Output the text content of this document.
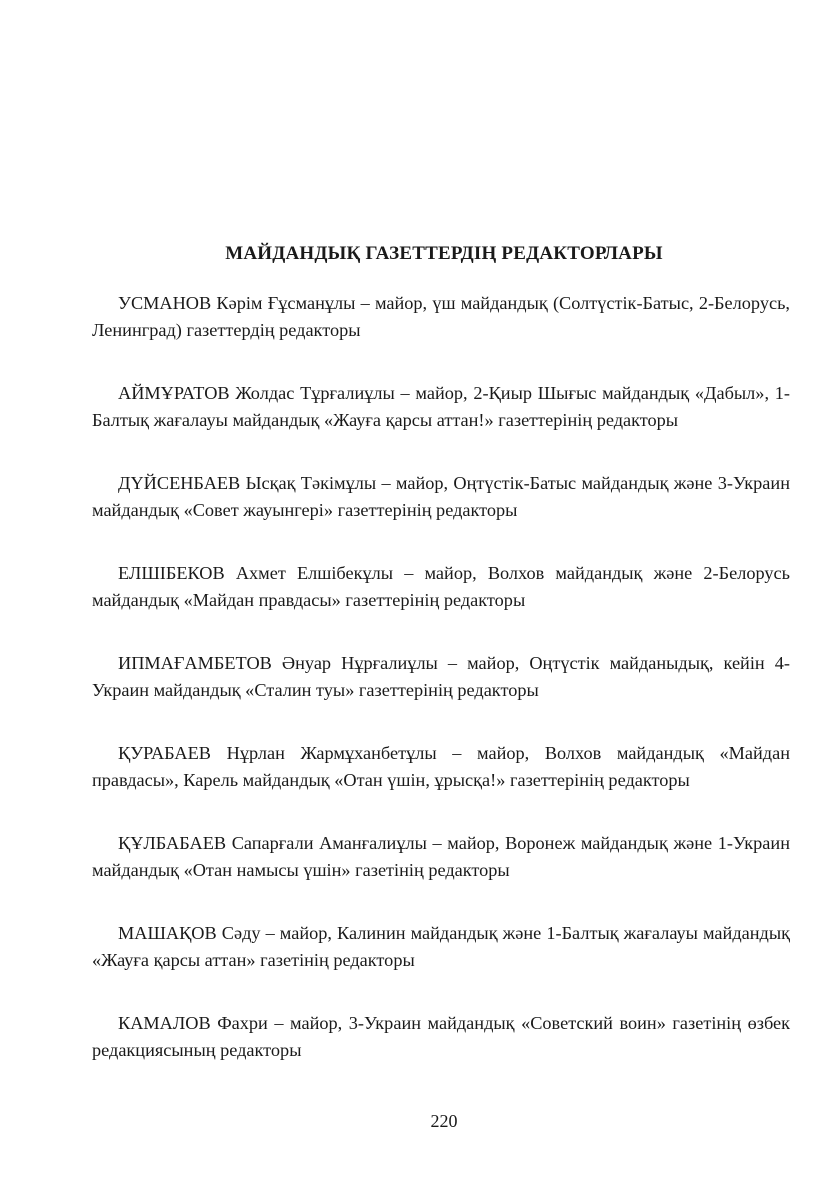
МАЙДАНДЫҚ ГАЗЕТТЕРДІҢ РЕДАКТОРЛАРЫ

УСМАНОВ Кәрім Ғұсманұлы – майор, үш майдандық (Солтүстік-Батыс, 2-Белорусь, Ленинград) газеттердің редакторы

АЙМҰРАТОВ Жолдас Тұрғалиұлы – майор, 2-Қиыр Шығыс майдандық «Дабыл», 1-Балтық жағалауы майдандық «Жауға қарсы аттан!» газеттерінің редакторы

ДҮЙСЕНБАЕВ Ысқақ Тәкімұлы – майор, Оңтүстік-Батыс майдандық және 3-Украин майдандық «Совет жауынгері» газеттерінің редакторы

ЕЛШІБЕКОВ Ахмет Елшібекұлы – майор, Волхов майдандық және 2-Белорусь майдандық «Майдан правдасы» газеттерінің редакторы

ИПМАҒАМБЕТОВ Әнуар Нұрғалиұлы – майор, Оңтүстік майданыдық, кейін 4-Украин майдандық «Сталин туы» газеттерінің редакторы

ҚУРАБАЕВ Нұрлан Жармұханбетұлы – майор, Волхов майдандық «Майдан правдасы», Карель майдандық «Отан үшін, ұрысқа!» газеттерінің редакторы

ҚҰЛБАБАЕВ Сапарғали Аманғалиұлы – майор, Воронеж майдандық және 1-Украин майдандық «Отан намысы үшін» газетінің редакторы

МАШАҚОВ Сәду – майор, Калинин майдандық және 1-Балтық жағалауы майдандық «Жауға қарсы аттан» газетінің редакторы

КАМАЛОВ Фахри – майор, 3-Украин майдандық «Советский воин» газетінің өзбек редакциясының редакторы

220
